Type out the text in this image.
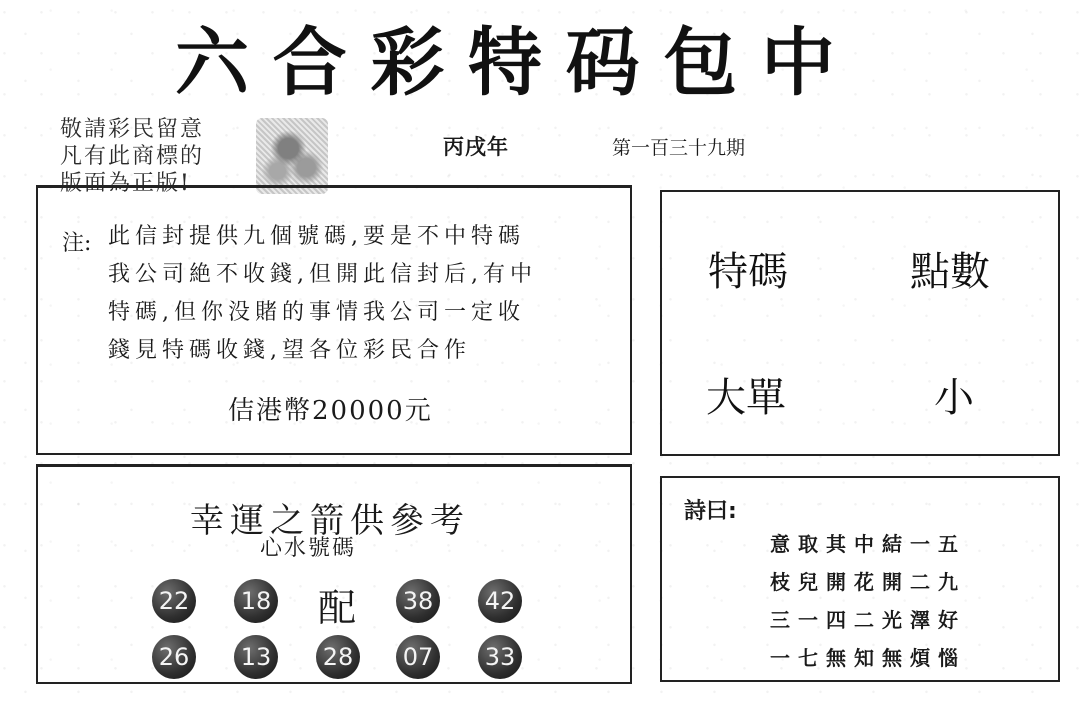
六 合 彩 特 码 包 中
敬請彩民留意
凡有此商標的
版面為正版!
丙戌年	第一百三十九期
注: 此信封提供九個號碼,要是不中特碼
我公司絶不收錢,但開此信封后,有中
特碼,但你没賭的事情我公司一定收
錢見特碼收錢,望各位彩民合作
佶港幣20000元
特碼	點數
大單	小
幸運之箭供參考
心水號碼
22 18 配 38 42
26 13 28 07 33
詩曰:
意取其中結一五
枝兒開花開二九
三一四二光澤好
一七無知無煩惱
